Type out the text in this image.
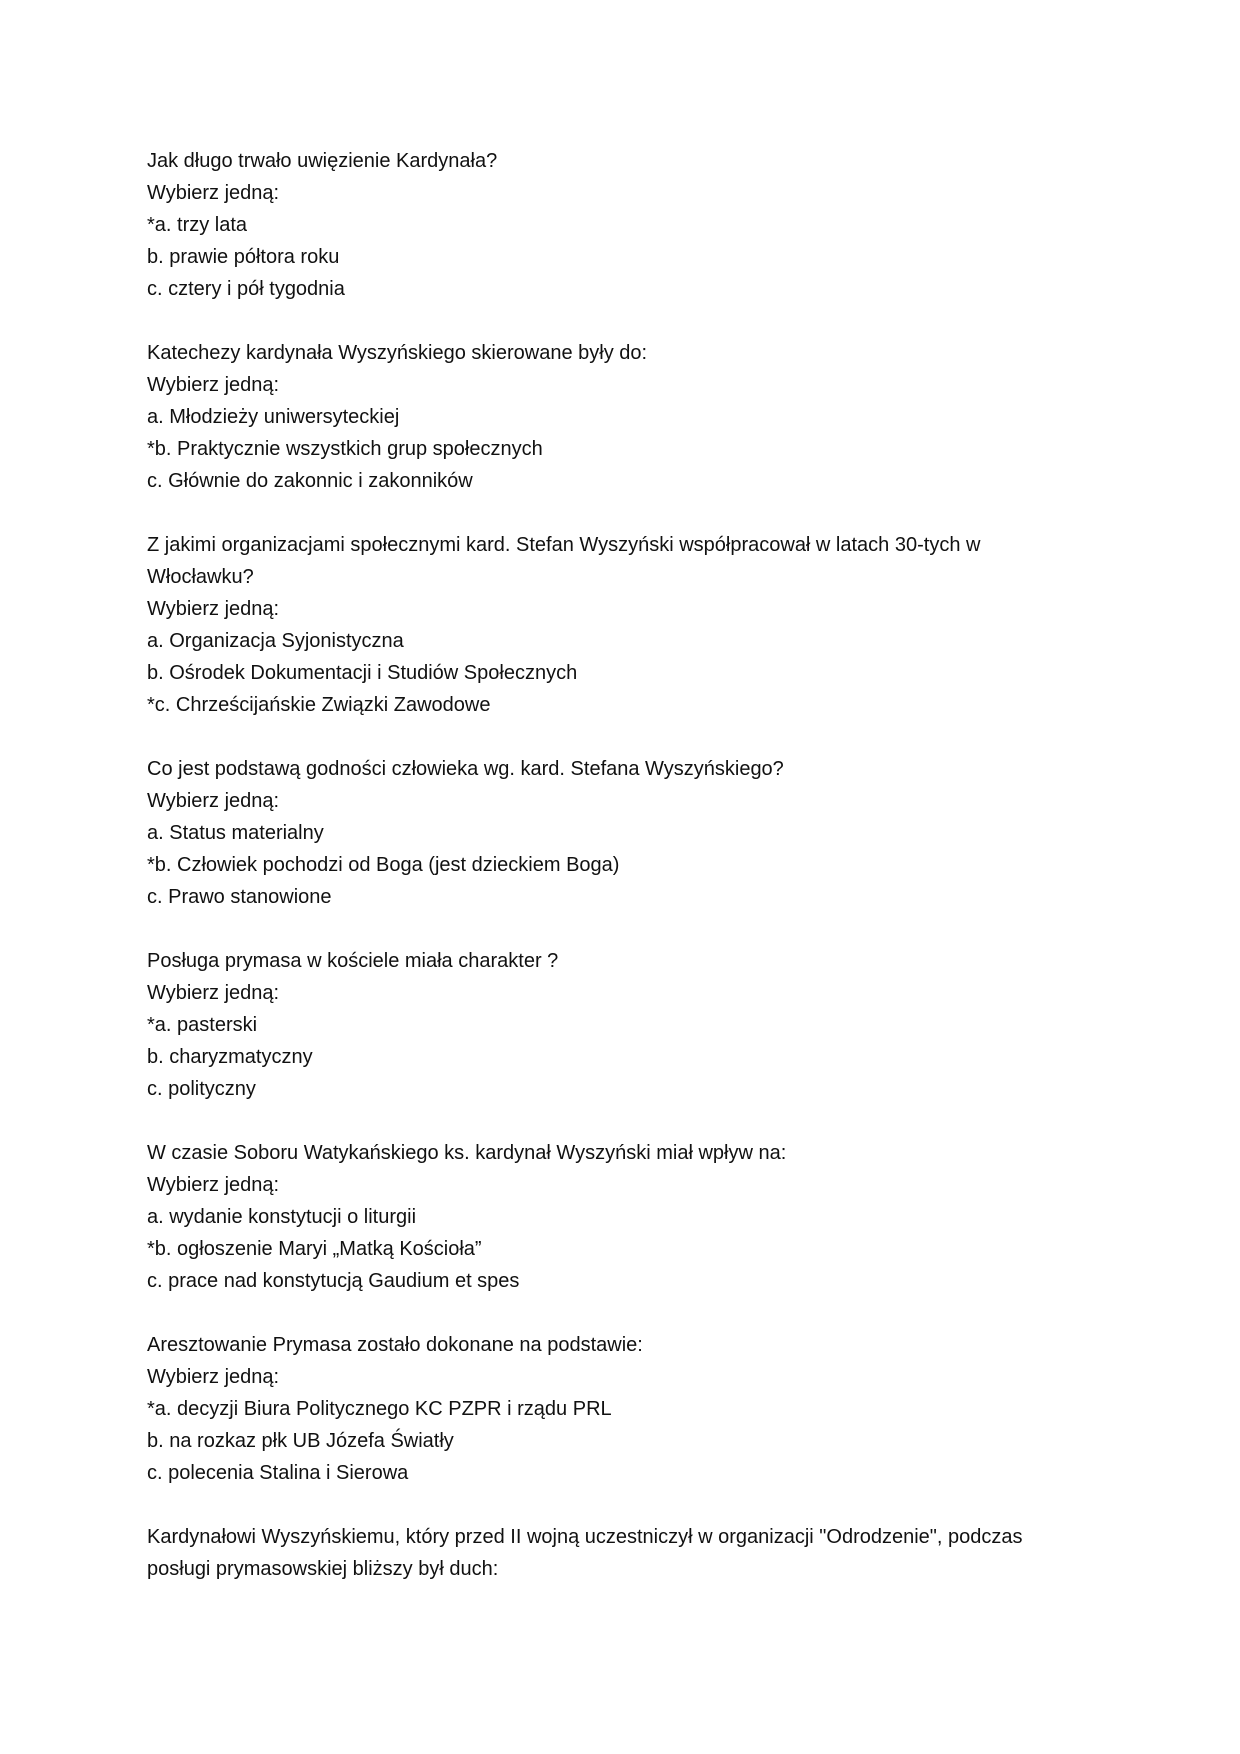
Jak długo trwało uwięzienie Kardynała?
Wybierz jedną:
*a. trzy lata
b. prawie półtora roku
c. cztery i pół tygodnia
Katechezy kardynała Wyszyńskiego skierowane były do:
Wybierz jedną:
a. Młodzieży uniwersyteckiej
*b. Praktycznie wszystkich grup społecznych
c. Głównie do zakonnic i zakonników
Z jakimi organizacjami społecznymi kard. Stefan Wyszyński współpracował w latach 30-tych w Włocławku?
Wybierz jedną:
a. Organizacja Syjonistyczna
b. Ośrodek Dokumentacji i Studiów Społecznych
*c. Chrześcijańskie Związki Zawodowe
Co jest podstawą godności człowieka wg. kard. Stefana Wyszyńskiego?
Wybierz jedną:
a. Status materialny
*b. Człowiek pochodzi od Boga (jest dzieckiem Boga)
c. Prawo stanowione
Posługa prymasa w kościele miała charakter ?
Wybierz jedną:
*a. pasterski
b. charyzmatyczny
c. polityczny
W czasie Soboru Watykańskiego ks. kardynał Wyszyński miał wpływ na:
Wybierz jedną:
a. wydanie konstytucji o liturgii
*b. ogłoszenie Maryi „Matką Kościoła”
c. prace nad konstytucją Gaudium et spes
Aresztowanie Prymasa zostało dokonane na podstawie:
Wybierz jedną:
*a. decyzji Biura Politycznego KC PZPR i rządu PRL
b. na rozkaz płk UB Józefa Światły
c. polecenia Stalina i Sierowa
Kardynałowi Wyszyńskiemu, który przed II wojną uczestniczył w organizacji "Odrodzenie", podczas posługi prymasowskiej bliższy był duch:
